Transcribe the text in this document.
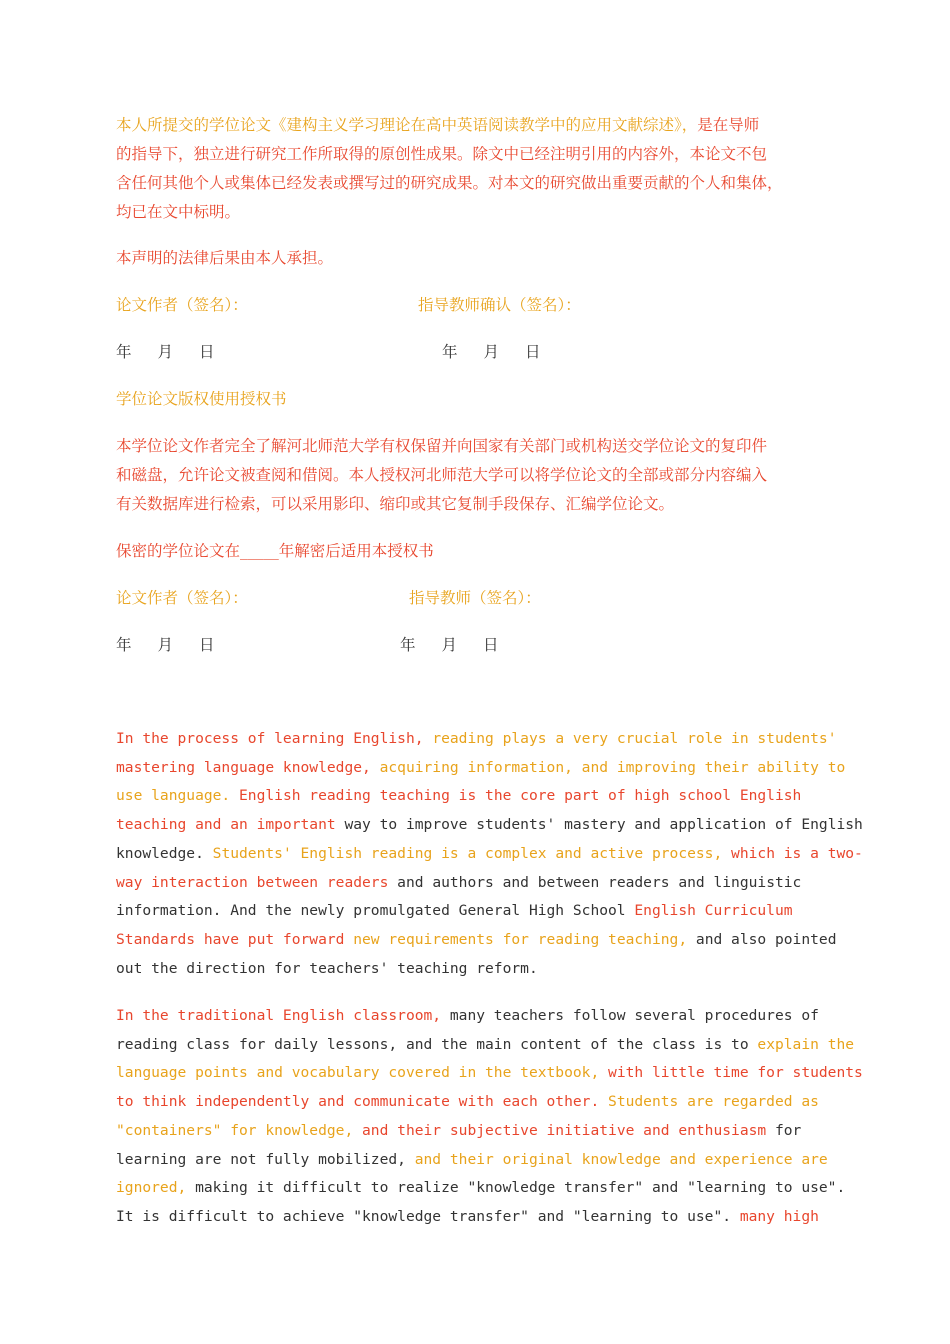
本人所提交的学位论文《建构主义学习理论在高中英语阅读教学中的应用文献综述》，是在导师
的指导下，独立进行研究工作所取得的原创性成果。除文中已经注明引用的内容外，本论文不包
含任何其他个人或集体已经发表或撰写过的研究成果。对本文的研究做出重要贡献的个人和集体，
均已在文中标明。
本声明的法律后果由本人承担。
论文作者（签名）：	指导教师确认（签名）：
年 月 日	年 月 日
学位论文版权使用授权书
本学位论文作者完全了解河北师范大学有权保留并向国家有关部门或机构送交学位论文的复印件
和磁盘，允许论文被查阅和借阅。本人授权河北师范大学可以将学位论文的全部或部分内容编入
有关数据库进行检索，可以采用影印、缩印或其它复制手段保存、汇编学位论文。
保密的学位论文在_____年解密后适用本授权书
论文作者（签名）：	指导教师（签名）：
年 月 日	年 月 日
In the process of learning English, reading plays a very crucial role in students'
mastering language knowledge, acquiring information, and improving their ability to
use language. English reading teaching is the core part of high school English
teaching and an important way to improve students' mastery and application of English
knowledge. Students' English reading is a complex and active process, which is a two-
way interaction between readers and authors and between readers and linguistic
information. And the newly promulgated General High School English Curriculum
Standards have put forward new requirements for reading teaching, and also pointed
out the direction for teachers' teaching reform.
In the traditional English classroom, many teachers follow several procedures of
reading class for daily lessons, and the main content of the class is to explain the
language points and vocabulary covered in the textbook, with little time for students
to think independently and communicate with each other. Students are regarded as
"containers" for knowledge, and their subjective initiative and enthusiasm for
learning are not fully mobilized, and their original knowledge and experience are
ignored, making it difficult to realize "knowledge transfer" and "learning to use".
It is difficult to achieve "knowledge transfer" and "learning to use". many high
